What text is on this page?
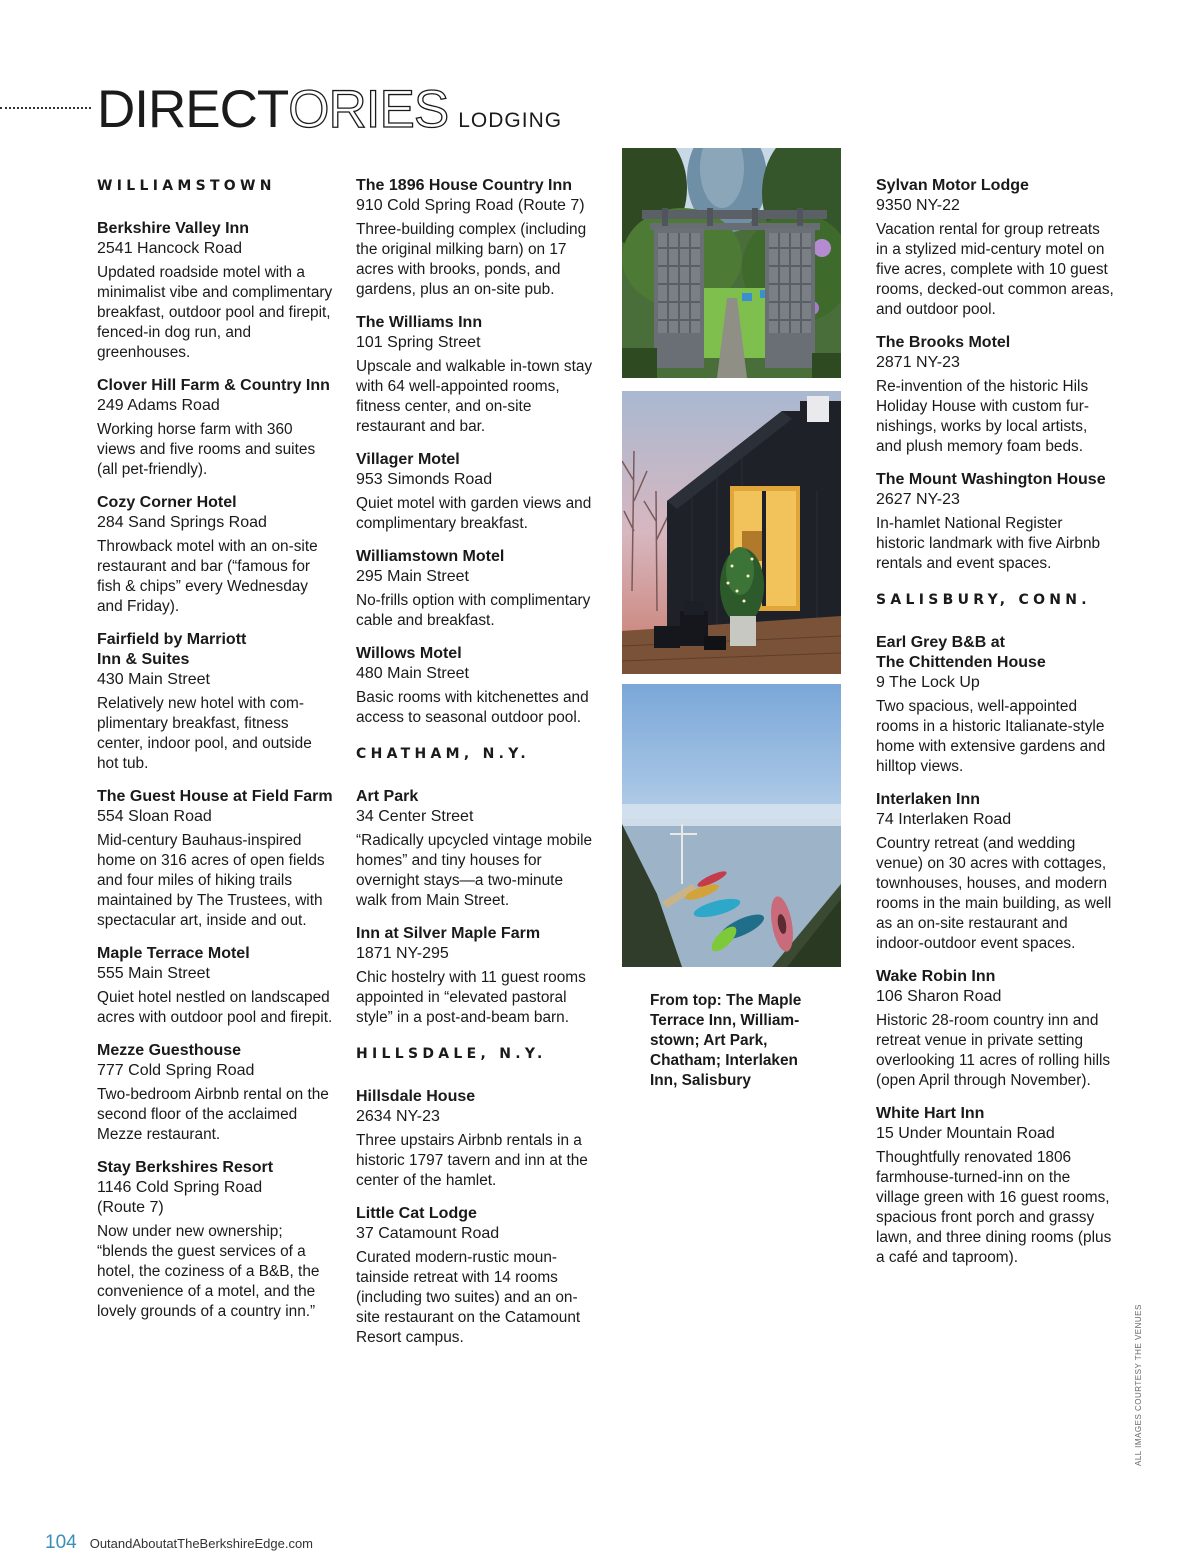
DIRECT ORIES LODGING
WILLIAMSTOWN
Berkshire Valley Inn
2541 Hancock Road
Updated roadside motel with a minimalist vibe and complimentary breakfast, outdoor pool and firepit, fenced-in dog run, and greenhouses.
Clover Hill Farm & Country Inn
249 Adams Road
Working horse farm with 360 views and five rooms and suites (all pet-friendly).
Cozy Corner Hotel
284 Sand Springs Road
Throwback motel with an on-site restaurant and bar (“famous for fish & chips” every Wednesday and Friday).
Fairfield by Marriott
Inn & Suites
430 Main Street
Relatively new hotel with complimentary breakfast, fitness center, indoor pool, and outside hot tub.
The Guest House at Field Farm
554 Sloan Road
Mid-century Bauhaus-inspired home on 316 acres of open fields and four miles of hiking trails maintained by The Trustees, with spectacular art, inside and out.
Maple Terrace Motel
555 Main Street
Quiet hotel nestled on landscaped acres with outdoor pool and firepit.
Mezze Guesthouse
777 Cold Spring Road
Two-bedroom Airbnb rental on the second floor of the acclaimed Mezze restaurant.
Stay Berkshires Resort
1146 Cold Spring Road
(Route 7)
Now under new ownership; “blends the guest services of a hotel, the coziness of a B&B, the convenience of a motel, and the lovely grounds of a country inn.”
The 1896 House Country Inn
910 Cold Spring Road (Route 7)
Three-building complex (including the original milking barn) on 17 acres with brooks, ponds, and gardens, plus an on-site pub.
The Williams Inn
101 Spring Street
Upscale and walkable in-town stay with 64 well-appointed rooms, fitness center, and on-site restaurant and bar.
Villager Motel
953 Simonds Road
Quiet motel with garden views and complimentary breakfast.
Williamstown Motel
295 Main Street
No-frills option with complimentary cable and breakfast.
Willows Motel
480 Main Street
Basic rooms with kitchenettes and access to seasonal outdoor pool.
CHATHAM, N.Y.
Art Park
34 Center Street
“Radically upcycled vintage mobile homes” and tiny houses for overnight stays—a two-minute walk from Main Street.
Inn at Silver Maple Farm
1871 NY-295
Chic hostelry with 11 guest rooms appointed in “elevated pastoral style” in a post-and-beam barn.
HILLSDALE, N.Y.
Hillsdale House
2634 NY-23
Three upstairs Airbnb rentals in a historic 1797 tavern and inn at the center of the hamlet.
Little Cat Lodge
37 Catamount Road
Curated modern-rustic mountainside retreat with 14 rooms (including two suites) and an on-site restaurant on the Catamount Resort campus.
Sylvan Motor Lodge
9350 NY-22
Vacation rental for group retreats in a stylized mid-century motel on five acres, complete with 10 guest rooms, decked-out common areas, and outdoor pool.
The Brooks Motel
2871 NY-23
Re-invention of the historic Hils Holiday House with custom furnishings, works by local artists, and plush memory foam beds.
The Mount Washington House
2627 NY-23
In-hamlet National Register historic landmark with five Airbnb rentals and event spaces.
SALISBURY, CONN.
Earl Grey B&B at
The Chittenden House
9 The Lock Up
Two spacious, well-appointed rooms in a historic Italianate-style home with extensive gardens and hilltop views.
Interlaken Inn
74 Interlaken Road
Country retreat (and wedding venue) on 30 acres with cottages, townhouses, houses, and modern rooms in the main building, as well as an on-site restaurant and indoor-outdoor event spaces.
Wake Robin Inn
106 Sharon Road
Historic 28-room country inn and retreat venue in private setting overlooking 11 acres of rolling hills (open April through November).
White Hart Inn
15 Under Mountain Road
Thoughtfully renovated 1806 farmhouse-turned-inn on the village green with 16 guest rooms, spacious front porch and grassy lawn, and three dining rooms (plus a café and taproom).
From top: The Maple Terrace Inn, Williamstown; Art Park, Chatham; Interlaken Inn, Salisbury
ALL IMAGES COURTESY THE VENUES
104 OutandAboutatTheBerkshireEdge.com
